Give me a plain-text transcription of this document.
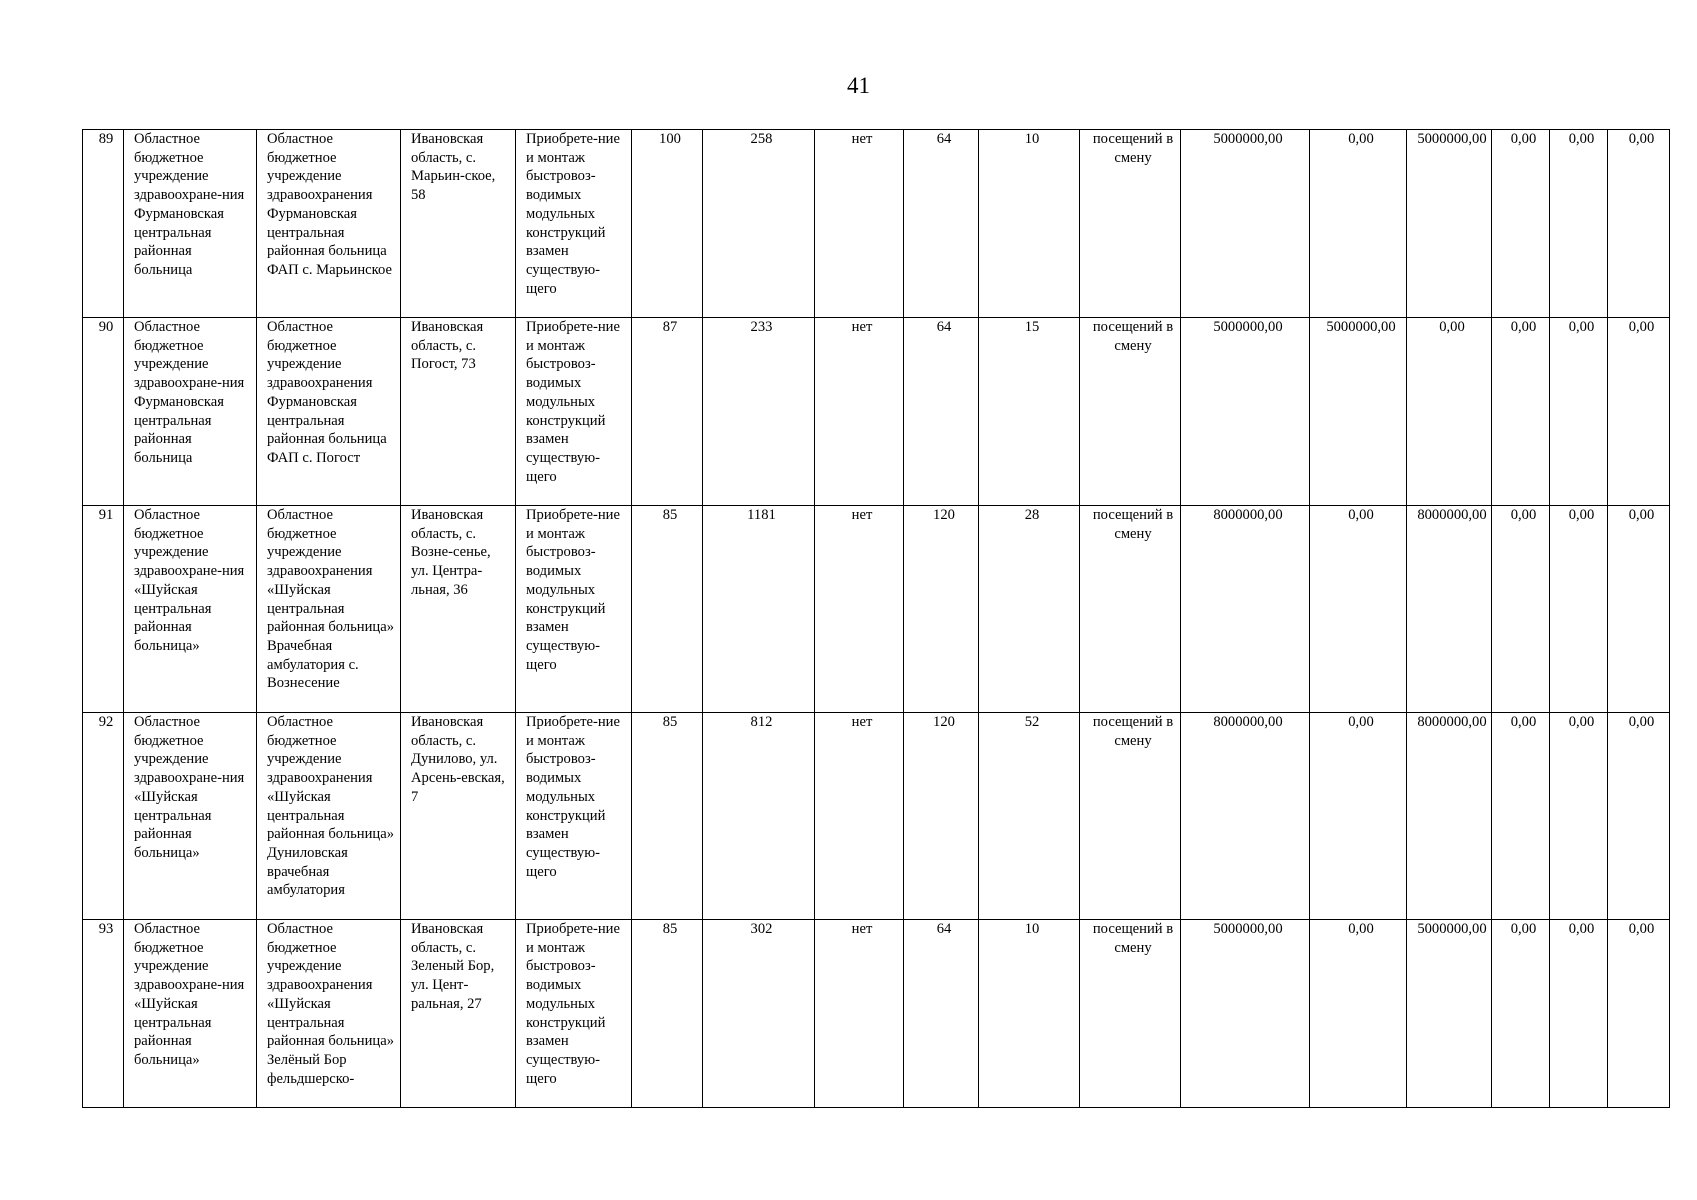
41
89	Областное бюджетное учреждение здравоохране-ния Фурмановская центральная районная больница	Областное бюджетное учреждение здравоохранения Фурмановская центральная районная больница ФАП с. Марьинское	Ивановская область, с. Марьин-ское, 58	Приобрете-ние и монтаж быстровоз-водимых модульных конструкций взамен существую-щего	100	258	нет	64	10	посещений в смену	5000000,00	0,00	5000000,00	0,00	0,00	0,00
90	Областное бюджетное учреждение здравоохране-ния Фурмановская центральная районная больница	Областное бюджетное учреждение здравоохранения Фурмановская центральная районная больница ФАП с. Погост	Ивановская область, с. Погост, 73	Приобрете-ние и монтаж быстровоз-водимых модульных конструкций взамен существую-щего	87	233	нет	64	15	посещений в смену	5000000,00	5000000,00	0,00	0,00	0,00	0,00
91	Областное бюджетное учреждение здравоохране-ния «Шуйская центральная районная больница»	Областное бюджетное учреждение здравоохранения «Шуйская центральная районная больница» Врачебная амбулатория с. Вознесение	Ивановская область, с. Возне-сенье, ул. Центра-льная, 36	Приобрете-ние и монтаж быстровоз-водимых модульных конструкций взамен существую-щего	85	1181	нет	120	28	посещений в смену	8000000,00	0,00	8000000,00	0,00	0,00	0,00
92	Областное бюджетное учреждение здравоохране-ния «Шуйская центральная районная больница»	Областное бюджетное учреждение здравоохранения «Шуйская центральная районная больница» Дуниловская врачебная амбулатория	Ивановская область, с. Дунилово, ул. Арсень-евская, 7	Приобрете-ние и монтаж быстровоз-водимых модульных конструкций взамен существую-щего	85	812	нет	120	52	посещений в смену	8000000,00	0,00	8000000,00	0,00	0,00	0,00
93	Областное бюджетное учреждение здравоохране-ния «Шуйская центральная районная больница»	Областное бюджетное учреждение здравоохранения «Шуйская центральная районная больница» Зелёный Бор фельдшерско-	Ивановская область, с. Зеленый Бор, ул. Цент-ральная, 27	Приобрете-ние и монтаж быстровоз-водимых модульных конструкций взамен существую-щего	85	302	нет	64	10	посещений в смену	5000000,00	0,00	5000000,00	0,00	0,00	0,00
